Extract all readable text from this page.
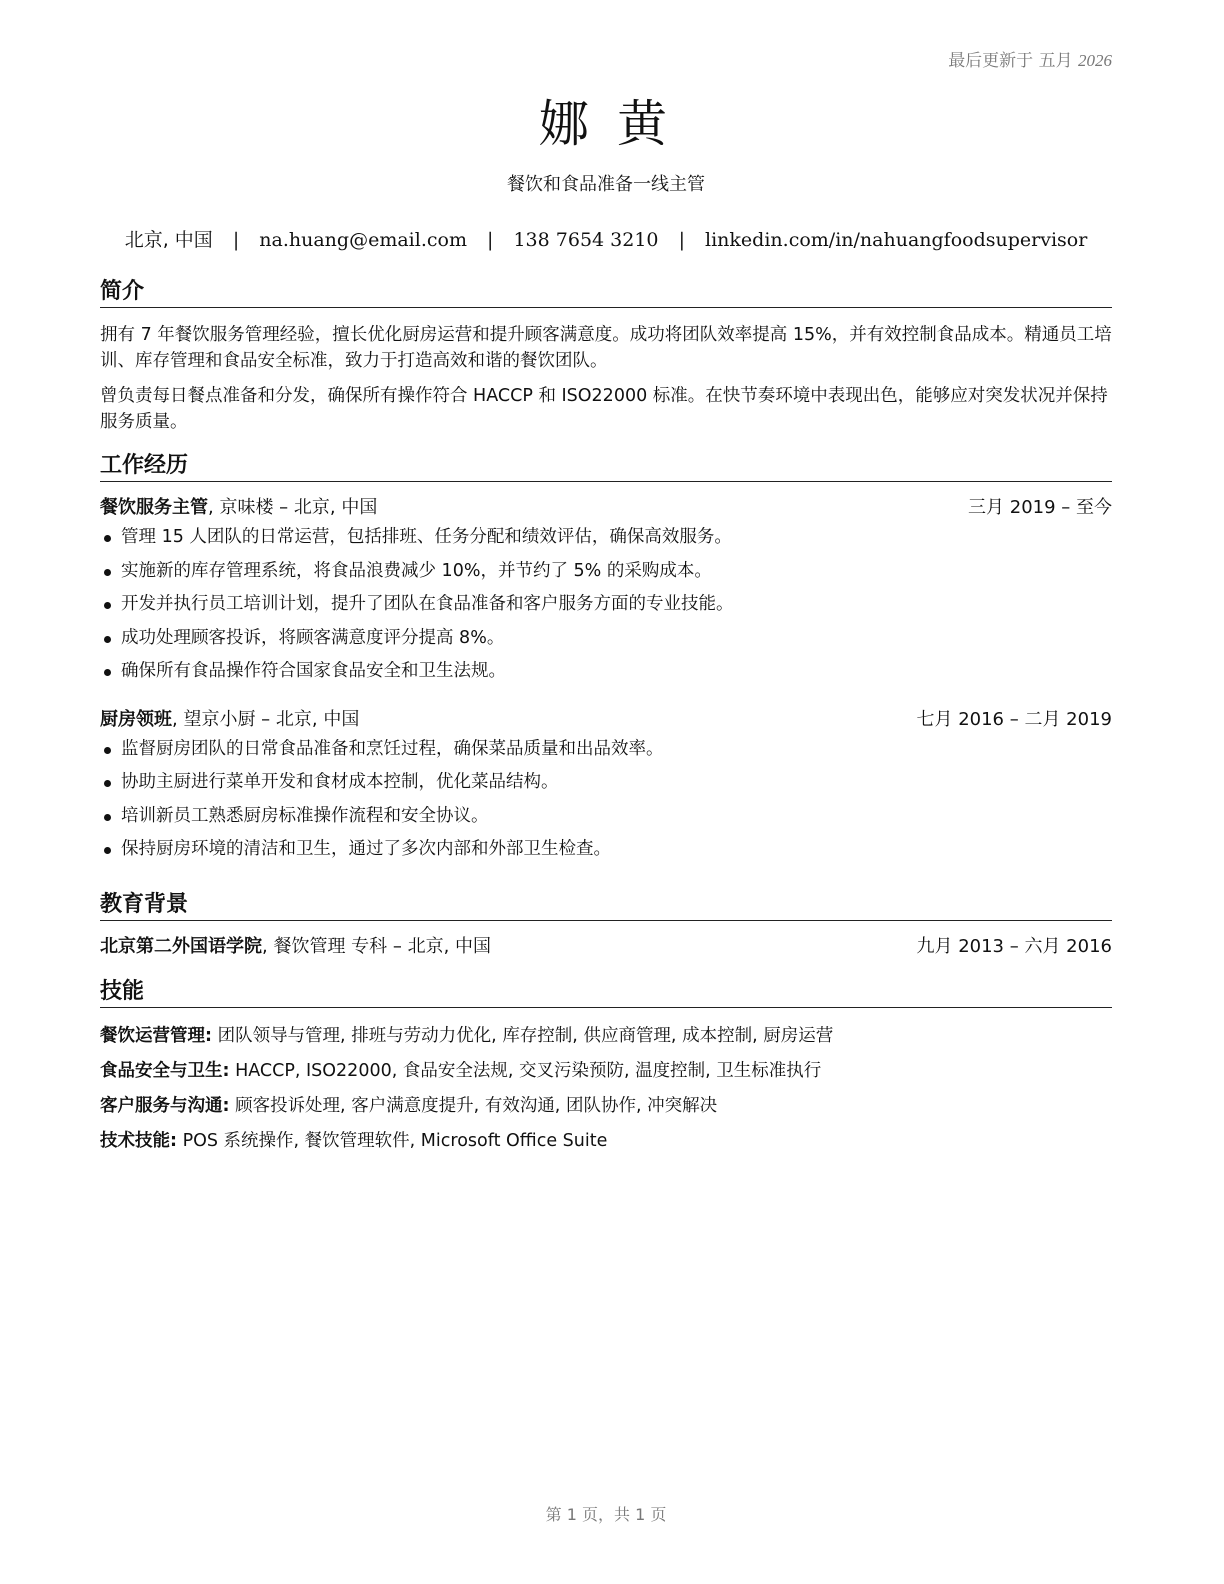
最后更新于 五月 2026
娜 黄
餐饮和食品准备一线主管
北京, 中国 | na.huang@email.com | 138 7654 3210 | linkedin.com/in/nahuangfoodsupervisor
简介

拥有 7 年餐饮服务管理经验，擅长优化厨房运营和提升顾客满意度。成功将团队效率提高 15%，并有效控制食品成本。精通员工培训、库存管理和食品安全标准，致力于打造高效和谐的餐饮团队。

曾负责每日餐点准备和分发，确保所有操作符合 HACCP 和 ISO22000 标准。在快节奏环境中表现出色，能够应对突发状况并保持服务质量。

工作经历
餐饮服务主管, 京味楼 – 北京, 中国	三月 2019 – 至今
管理 15 人团队的日常运营，包括排班、任务分配和绩效评估，确保高效服务。
实施新的库存管理系统，将食品浪费减少 10%，并节约了 5% 的采购成本。
开发并执行员工培训计划，提升了团队在食品准备和客户服务方面的专业技能。
成功处理顾客投诉，将顾客满意度评分提高 8%。
确保所有食品操作符合国家食品安全和卫生法规。
厨房领班, 望京小厨 – 北京, 中国	七月 2016 – 二月 2019
监督厨房团队的日常食品准备和烹饪过程，确保菜品质量和出品效率。
协助主厨进行菜单开发和食材成本控制，优化菜品结构。
培训新员工熟悉厨房标准操作流程和安全协议。
保持厨房环境的清洁和卫生，通过了多次内部和外部卫生检查。
教育背景
北京第二外国语学院, 餐饮管理 专科 – 北京, 中国	九月 2013 – 六月 2016
技能
餐饮运营管理: 团队领导与管理, 排班与劳动力优化, 库存控制, 供应商管理, 成本控制, 厨房运营
食品安全与卫生: HACCP, ISO22000, 食品安全法规, 交叉污染预防, 温度控制, 卫生标准执行
客户服务与沟通: 顾客投诉处理, 客户满意度提升, 有效沟通, 团队协作, 冲突解决
技术技能: POS 系统操作, 餐饮管理软件, Microsoft Office Suite
第 1 页，共 1 页
